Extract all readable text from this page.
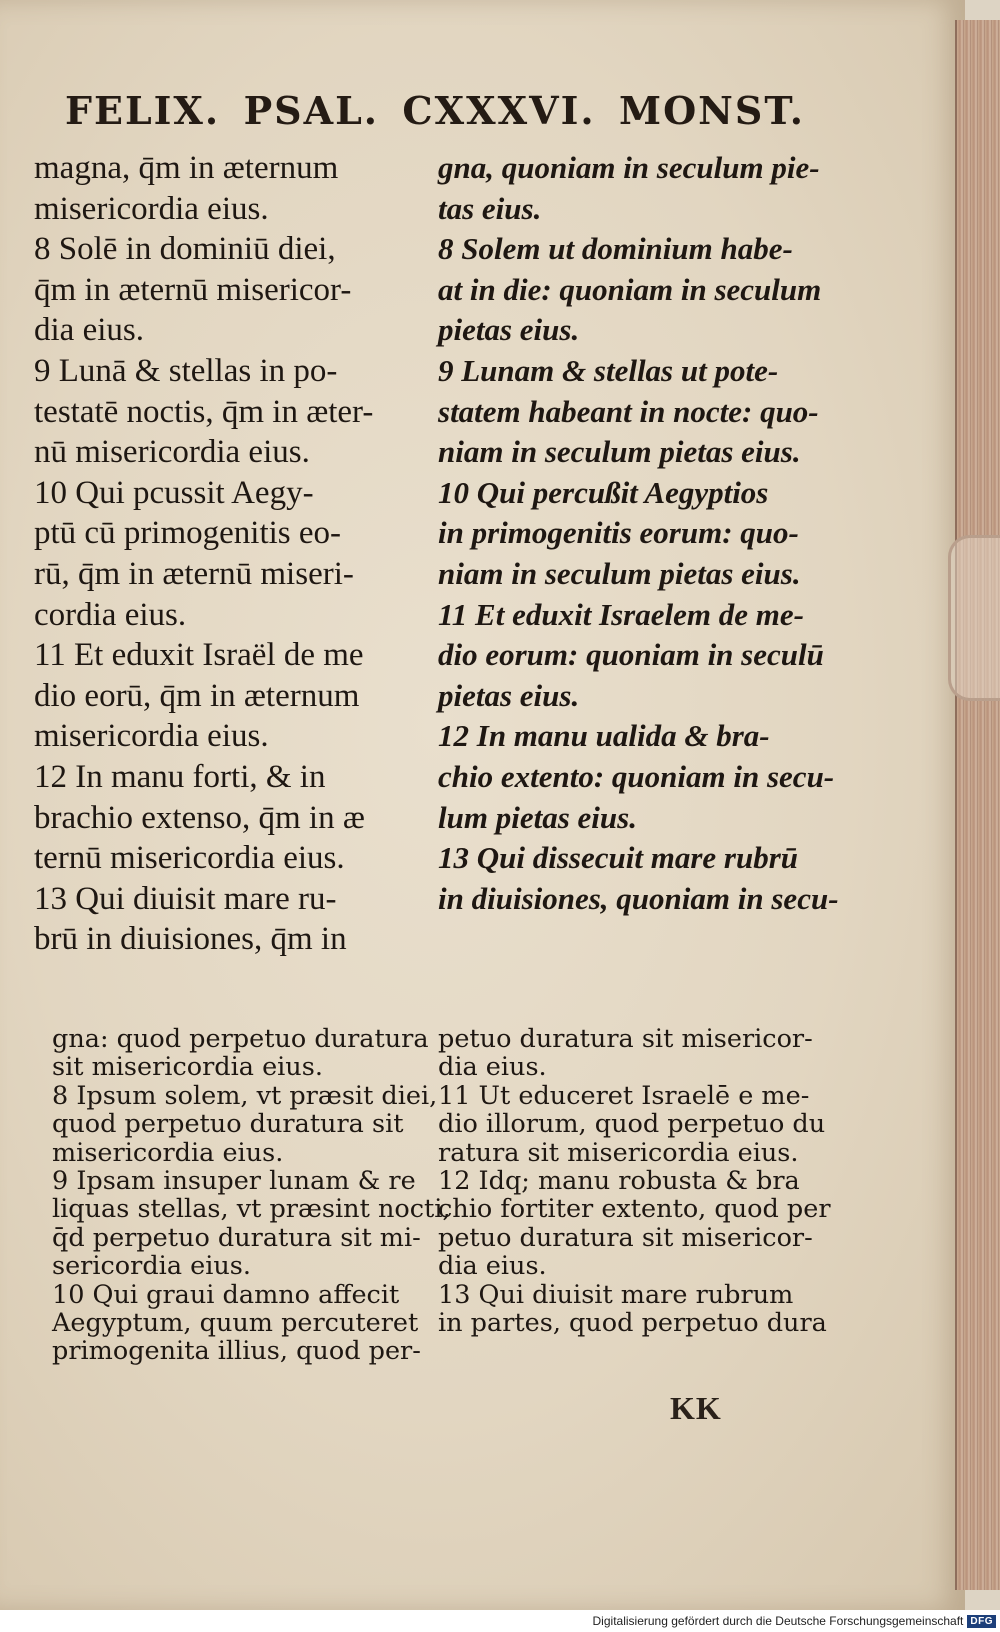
FELIX. PSAL. CXXXVI. MONST.
magna, q̄m in æternum
misericordia eius.
8 Solē in dominiū diei,
q̄m in æternū misericor-
dia eius.
9 Lunā & stellas in po-
testatē noctis, q̄m in æter-
nū misericordia eius.
10 Qui pcussit Aegy-
ptū cū primogenitis eo-
rū, q̄m in æternū miseri-
cordia eius.
11 Et eduxit Israël de me
dio eorū, q̄m in æternum
misericordia eius.
12 In manu forti, & in
brachio extenso, q̄m in æ
ternū misericordia eius.
13 Qui diuisit mare ru-
brū in diuisiones, q̄m in
gna, quoniam in seculum pie-
tas eius.
8 Solem ut dominium habe-
at in die: quoniam in seculum
pietas eius.
9 Lunam & stellas ut pote-
statem habeant in nocte: quo-
niam in seculum pietas eius.
10 Qui percußit Aegyptios
in primogenitis eorum: quo-
niam in seculum pietas eius.
11 Et eduxit Israelem de me-
dio eorum: quoniam in seculū
pietas eius.
12 In manu ualida & bra-
chio extento: quoniam in secu-
lum pietas eius.
13 Qui dissecuit mare rubrū
in diuisiones, quoniam in secu-
gna: quod perpetuo duratura
sit misericordia eius.
8 Ipsum solem, vt præsit diei,
quod perpetuo duratura sit
misericordia eius.
9 Ipsam insuper lunam & re
liquas stellas, vt præsint nocti,
q̄d perpetuo duratura sit mi-
sericordia eius.
10 Qui graui damno affecit
Aegyptum, quum percuteret
primogenita illius, quod per-
petuo duratura sit misericor-
dia eius.
11 Ut educeret Israelē e me-
dio illorum, quod perpetuo du
ratura sit misericordia eius.
12 Idq; manu robusta & bra
chio fortiter extento, quod per
petuo duratura sit misericor-
dia eius.
13 Qui diuisit mare rubrum
in partes, quod perpetuo dura
KK
Digitalisierung gefördert durch die Deutsche Forschungsgemeinschaft DFG
